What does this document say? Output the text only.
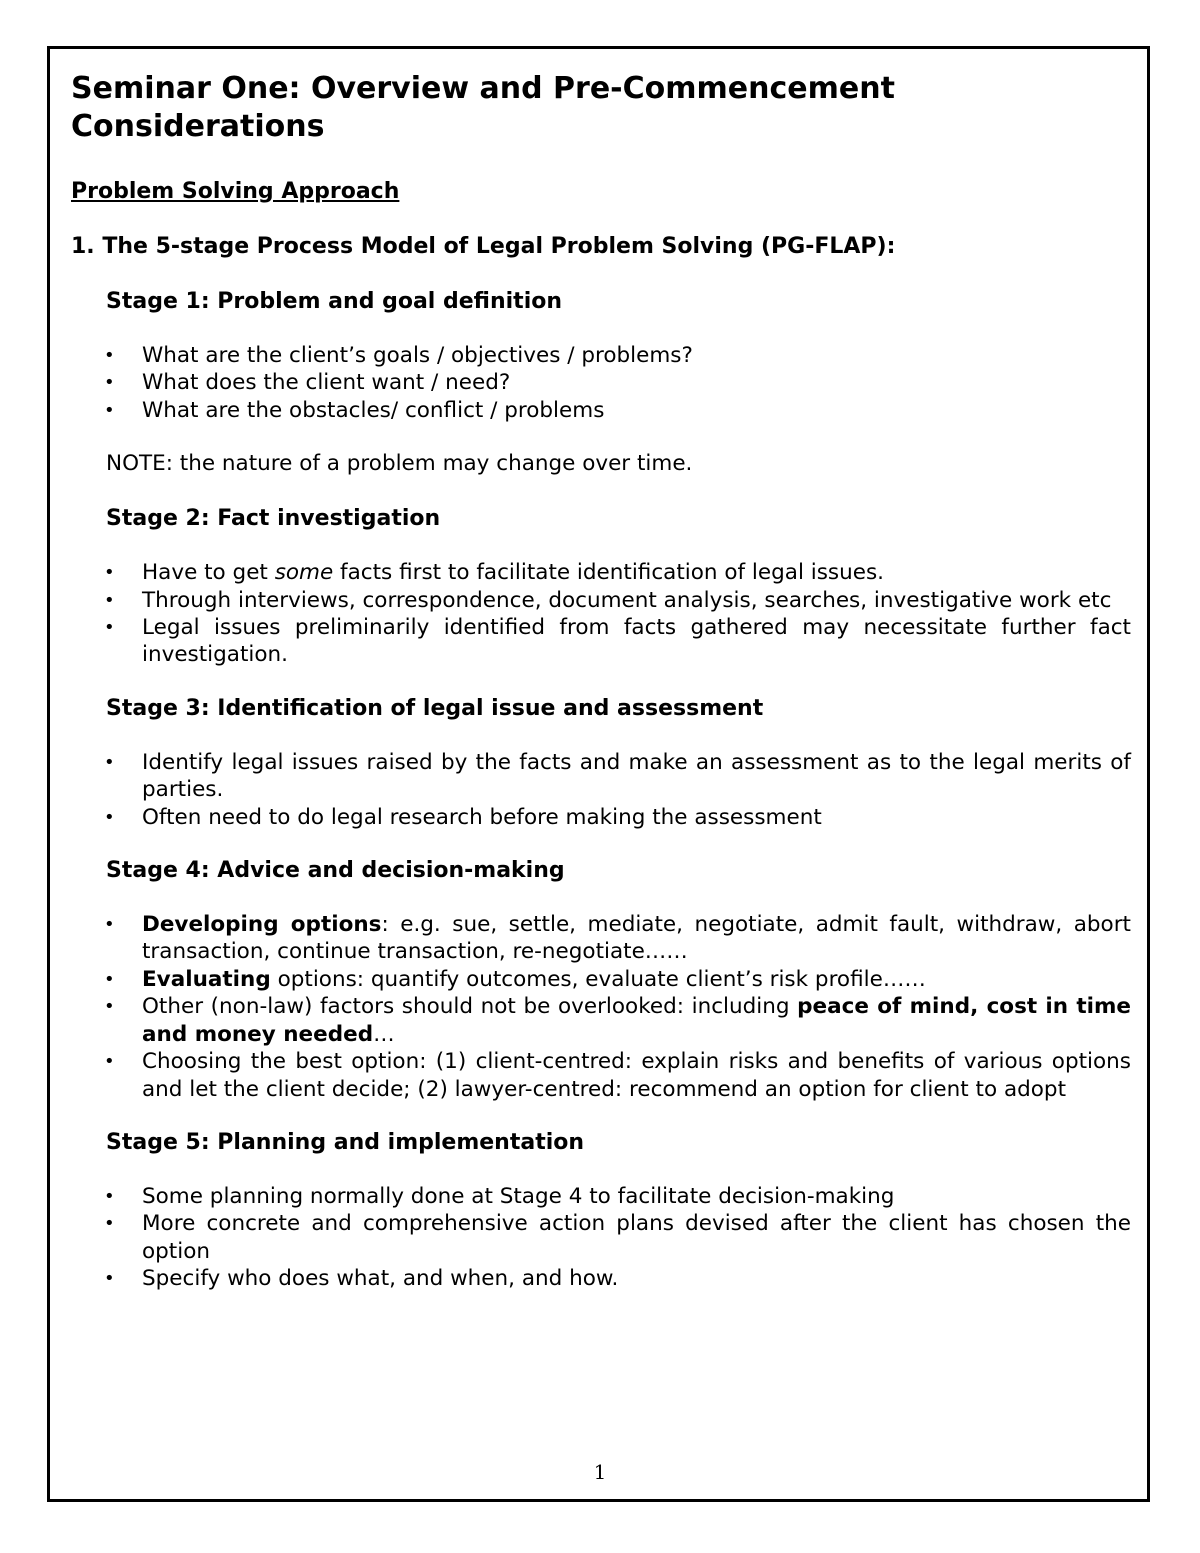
Seminar One: Overview and Pre-Commencement Considerations
Problem Solving Approach
1. The 5-stage Process Model of Legal Problem Solving (PG-FLAP):
Stage 1: Problem and goal definition
• What are the client’s goals / objectives / problems?
• What does the client want / need?
• What are the obstacles/ conflict / problems
NOTE: the nature of a problem may change over time.
Stage 2: Fact investigation
• Have to get some facts first to facilitate identification of legal issues.
• Through interviews, correspondence, document analysis, searches, investigative work etc
• Legal issues preliminarily identified from facts gathered may necessitate further fact investigation.
Stage 3: Identification of legal issue and assessment
• Identify legal issues raised by the facts and make an assessment as to the legal merits of parties.
• Often need to do legal research before making the assessment
Stage 4: Advice and decision-making
• Developing options: e.g. sue, settle, mediate, negotiate, admit fault, withdraw, abort transaction, continue transaction, re-negotiate……
• Evaluating options: quantify outcomes, evaluate client’s risk profile……
• Other (non-law) factors should not be overlooked: including peace of mind, cost in time and money needed…
• Choosing the best option: (1) client-centred: explain risks and benefits of various options and let the client decide; (2) lawyer-centred: recommend an option for client to adopt
Stage 5: Planning and implementation
• Some planning normally done at Stage 4 to facilitate decision-making
• More concrete and comprehensive action plans devised after the client has chosen the option
• Specify who does what, and when, and how.
1
